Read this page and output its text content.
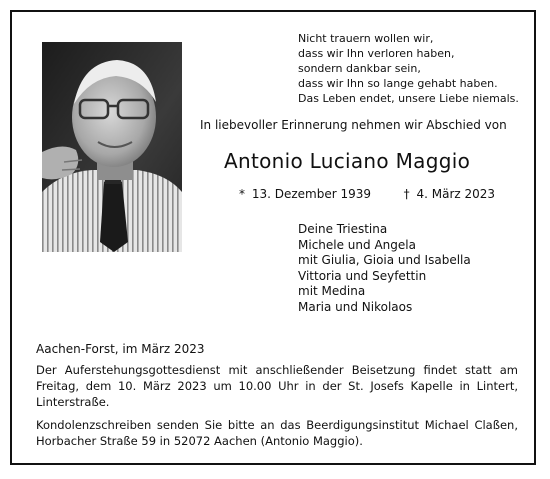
Nicht trauern wollen wir,
dass wir Ihn verloren haben,
sondern dankbar sein,
dass wir Ihn so lange gehabt haben.
Das Leben endet, unsere Liebe niemals.
In liebevoller Erinnerung nehmen wir Abschied von
Antonio Luciano Maggio
* 13. Dezember 1939	† 4. März 2023
Deine Triestina
Michele und Angela
mit Giulia, Gioia und Isabella
Vittoria und Seyfettin
mit Medina
Maria und Nikolaos
Aachen-Forst, im März 2023
Der Auferstehungsgottesdienst mit anschließender Beisetzung findet statt am Freitag, dem 10. März 2023 um 10.00 Uhr in der St. Josefs Kapelle in Lintert, Linterstraße.
Kondolenzschreiben senden Sie bitte an das Beerdigungsinstitut Michael Claßen, Horbacher Straße 59 in 52072 Aachen (Antonio Maggio).
